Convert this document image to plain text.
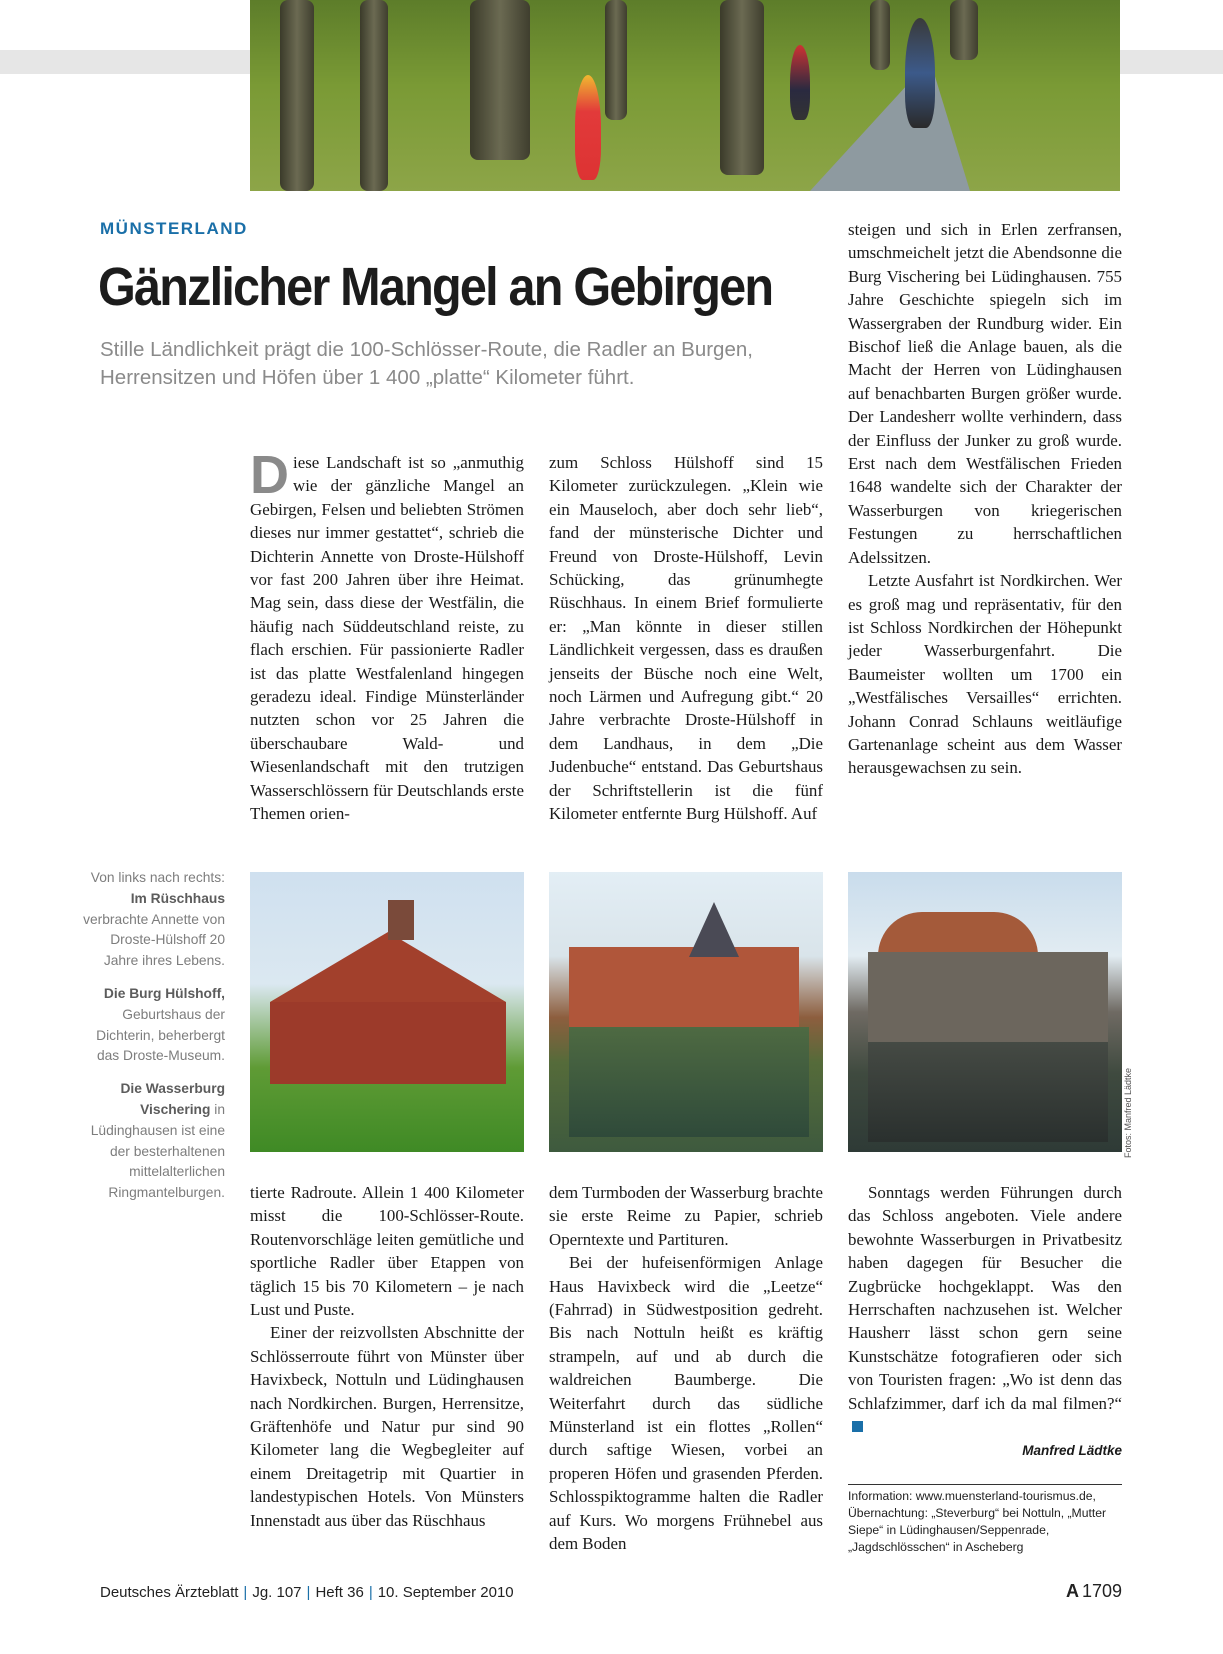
MÜNSTERLAND
Gänzlicher Mangel an Gebirgen
Stille Ländlichkeit prägt die 100-Schlösser-Route, die Radler an Burgen, Herrensitzen und Höfen über 1 400 „platte“ Kilometer führt.

Diese Landschaft ist so „anmuthig wie der gänzliche Mangel an Gebirgen, Felsen und beliebten Strömen dieses nur immer gestattet“, schrieb die Dichterin Annette von Droste-Hülshoff vor fast 200 Jahren über ihre Heimat. Mag sein, dass diese der Westfälin, die häufig nach Süddeutschland reiste, zu flach erschien. Für passionierte Radler ist das platte Westfalenland hingegen geradezu ideal. Findige Münsterländer nutzten schon vor 25 Jahren die überschaubare Wald- und Wiesenlandschaft mit den trutzigen Wasserschlössern für Deutschlands erste Themen orien-

zum Schloss Hülshoff sind 15 Kilometer zurückzulegen. „Klein wie ein Mauseloch, aber doch sehr lieb“, fand der münsterische Dichter und Freund von Droste-Hülshoff, Levin Schücking, das grünumhegte Rüschhaus. In einem Brief formulierte er: „Man könnte in dieser stillen Ländlichkeit vergessen, dass es draußen jenseits der Büsche noch eine Welt, noch Lärmen und Aufregung gibt.“ 20 Jahre verbrachte Droste-Hülshoff in dem Landhaus, in dem „Die Judenbuche“ entstand. Das Geburtshaus der Schriftstellerin ist die fünf Kilometer entfernte Burg Hülshoff. Auf

steigen und sich in Erlen zerfransen, umschmeichelt jetzt die Abendsonne die Burg Vischering bei Lüdinghausen. 755 Jahre Geschichte spiegeln sich im Wassergraben der Rundburg wider. Ein Bischof ließ die Anlage bauen, als die Macht der Herren von Lüdinghausen auf benachbarten Burgen größer wurde. Der Landesherr wollte verhindern, dass der Einfluss der Junker zu groß wurde. Erst nach dem Westfälischen Frieden 1648 wandelte sich der Charakter der Wasserburgen von kriegerischen Festungen zu herrschaftlichen Adelssitzen.

Letzte Ausfahrt ist Nordkirchen. Wer es groß mag und repräsentativ, für den ist Schloss Nordkirchen der Höhepunkt jeder Wasserburgenfahrt. Die Baumeister wollten um 1700 ein „Westfälisches Versailles“ errichten. Johann Conrad Schlauns weitläufige Gartenanlage scheint aus dem Wasser herausgewachsen zu sein.

Von links nach rechts:
Im Rüschhaus verbrachte Annette von Droste-Hülshoff 20 Jahre ihres Lebens.

Die Burg Hülshoff, Geburtshaus der Dichterin, beherbergt das Droste-Museum.

Die Wasserburg Vischering in Lüdinghausen ist eine der besterhaltenen mittelalterlichen Ringmantelburgen.

Fotos: Manfred Lädtke

tierte Radroute. Allein 1 400 Kilometer misst die 100-Schlösser-Route. Routenvorschläge leiten gemütliche und sportliche Radler über Etappen von täglich 15 bis 70 Kilometern – je nach Lust und Puste.

Einer der reizvollsten Abschnitte der Schlösserroute führt von Münster über Havixbeck, Nottuln und Lüdinghausen nach Nordkirchen. Burgen, Herrensitze, Gräftenhöfe und Natur pur sind 90 Kilometer lang die Wegbegleiter auf einem Dreitagetrip mit Quartier in landestypischen Hotels. Von Münsters Innenstadt aus über das Rüschhaus

dem Turmboden der Wasserburg brachte sie erste Reime zu Papier, schrieb Operntexte und Partituren.

Bei der hufeisenförmigen Anlage Haus Havixbeck wird die „Leetze“ (Fahrrad) in Südwestposition gedreht. Bis nach Nottuln heißt es kräftig strampeln, auf und ab durch die waldreichen Baumberge. Die Weiterfahrt durch das südliche Münsterland ist ein flottes „Rollen“ durch saftige Wiesen, vorbei an properen Höfen und grasenden Pferden. Schlosspiktogramme halten die Radler auf Kurs. Wo morgens Frühnebel aus dem Boden

Sonntags werden Führungen durch das Schloss angeboten. Viele andere bewohnte Wasserburgen in Privatbesitz haben dagegen für Besucher die Zugbrücke hochgeklappt. Was den Herrschaften nachzusehen ist. Welcher Hausherr lässt schon gern seine Kunstschätze fotografieren oder sich von Touristen fragen: „Wo ist denn das Schlafzimmer, darf ich da mal filmen?“

Manfred Lädtke
Information: www.muensterland-tourismus.de, Übernachtung: „Steverburg“ bei Nottuln, „Mutter Siepe“ in Lüdinghausen/Seppenrade, „Jagdschlösschen“ in Ascheberg
Deutsches Ärzteblatt | Jg. 107 | Heft 36 | 10. September 2010	A 1709
